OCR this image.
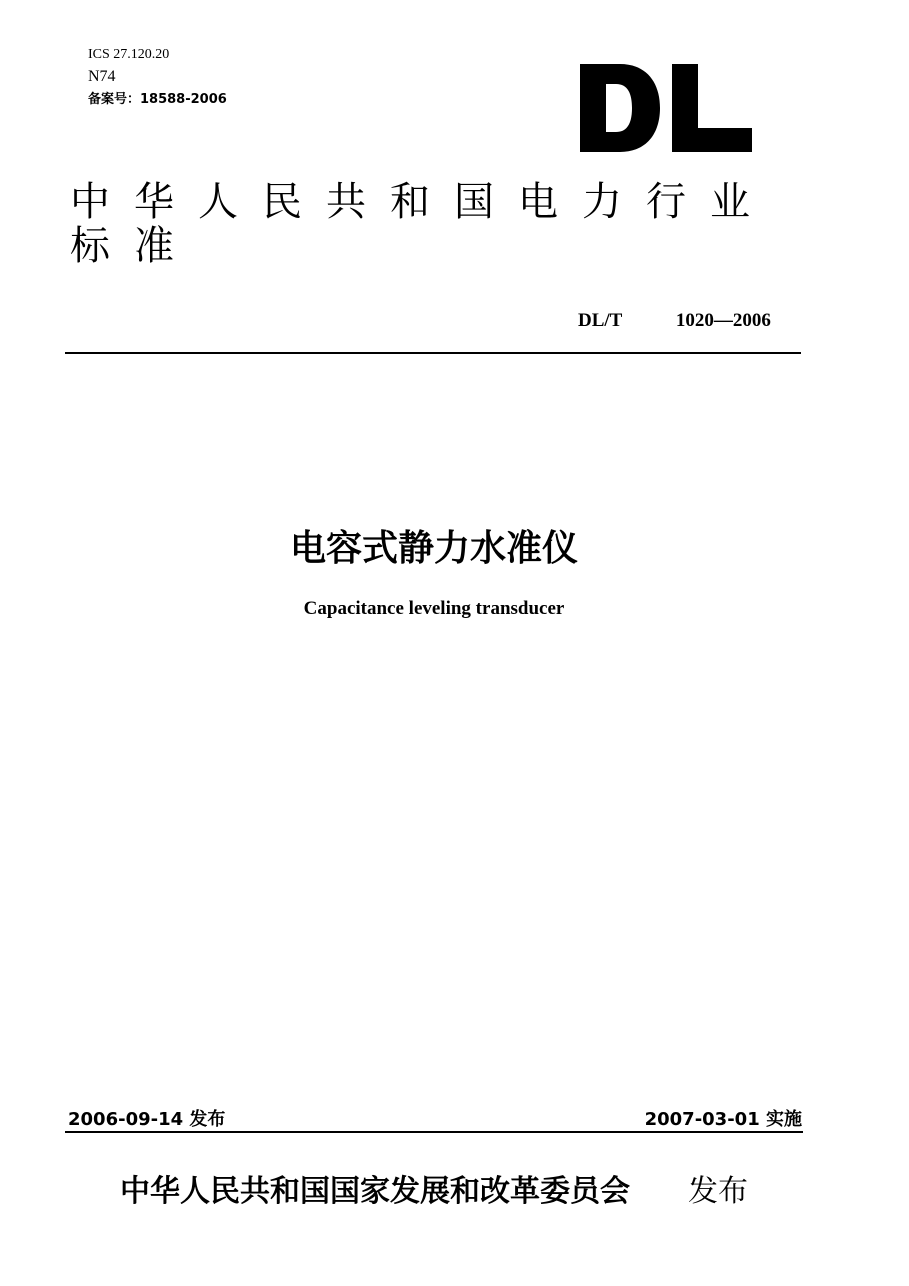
ICS 27.120.20
N74
备案号：18588-2006
中华人民共和国电力行业标准
DL/T	1020—2006
电容式静力水准仪
Capacitance leveling transducer
2006-09-14 发布	2007-03-01 实施
中华人民共和国国家发展和改革委员会 发布
